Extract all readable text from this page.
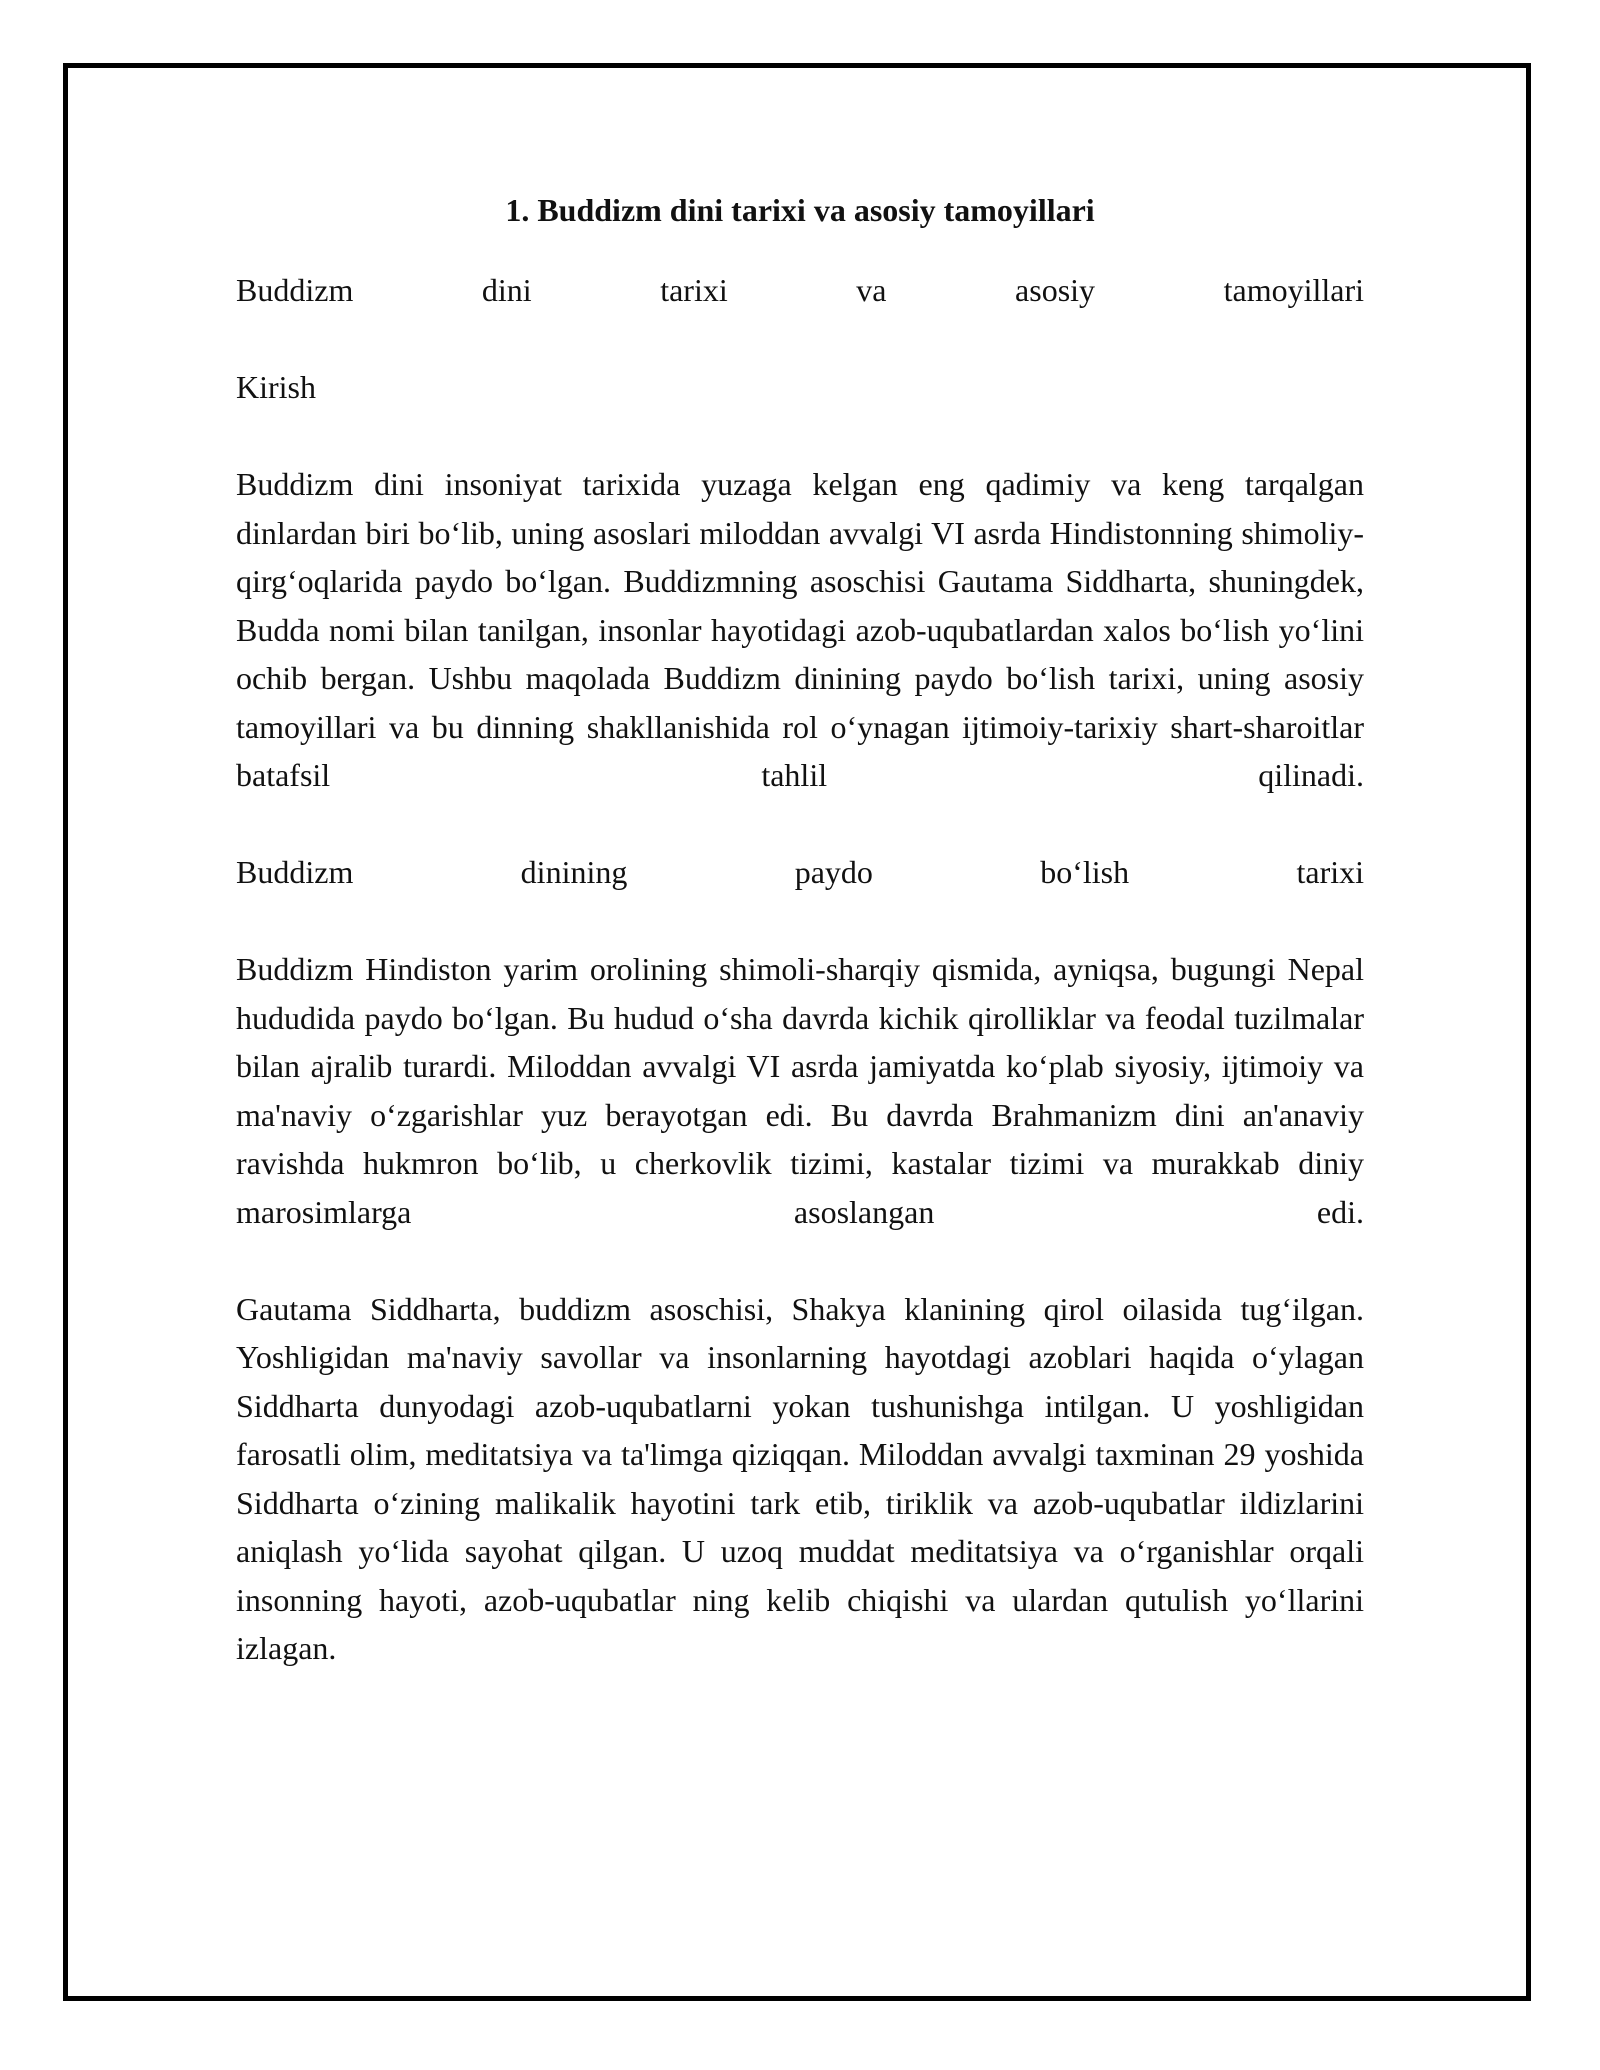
1. Buddizm dini tarixi va asosiy tamoyillari

Buddizm dini tarixi va asosiy tamoyillari

Kirish

Buddizm dini insoniyat tarixida yuzaga kelgan eng qadimiy va keng tarqalgan dinlardan biri bo‘lib, uning asoslari miloddan avvalgi VI asrda Hindistonning shimoliy-qirg‘oqlarida paydo bo‘lgan. Buddizmning asoschisi Gautama Siddharta, shuningdek, Budda nomi bilan tanilgan, insonlar hayotidagi azob-uqubatlardan xalos bo‘lish yo‘lini ochib bergan. Ushbu maqolada Buddizm dinining paydo bo‘lish tarixi, uning asosiy tamoyillari va bu dinning shakllanishida rol o‘ynagan ijtimoiy-tarixiy shart-sharoitlar batafsil tahlil qilinadi.

Buddizm dinining paydo bo‘lish tarixi

Buddizm Hindiston yarim orolining shimoli-sharqiy qismida, ayniqsa, bugungi Nepal hududida paydo bo‘lgan. Bu hudud o‘sha davrda kichik qirolliklar va feodal tuzilmalar bilan ajralib turardi. Miloddan avvalgi VI asrda jamiyatda ko‘plab siyosiy, ijtimoiy va ma'naviy o‘zgarishlar yuz berayotgan edi. Bu davrda Brahmanizm dini an'anaviy ravishda hukmron bo‘lib, u cherkovlik tizimi, kastalar tizimi va murakkab diniy marosimlarga asoslangan edi.

Gautama Siddharta, buddizm asoschisi, Shakya klanining qirol oilasida tug‘ilgan. Yoshligidan ma'naviy savollar va insonlarning hayotdagi azoblari haqida o‘ylagan Siddharta dunyodagi azob-uqubatlarni yokan tushunishga intilgan. U yoshligidan farosatli olim, meditatsiya va ta'limga qiziqqan. Miloddan avvalgi taxminan 29 yoshida Siddharta o‘zining malikalik hayotini tark etib, tiriklik va azob-uqubatlar ildizlarini aniqlash yo‘lida sayohat qilgan. U uzoq muddat meditatsiya va o‘rganishlar orqali insonning hayoti, azob-uqubatlar ning kelib chiqishi va ulardan qutulish yo‘llarini izlagan.
